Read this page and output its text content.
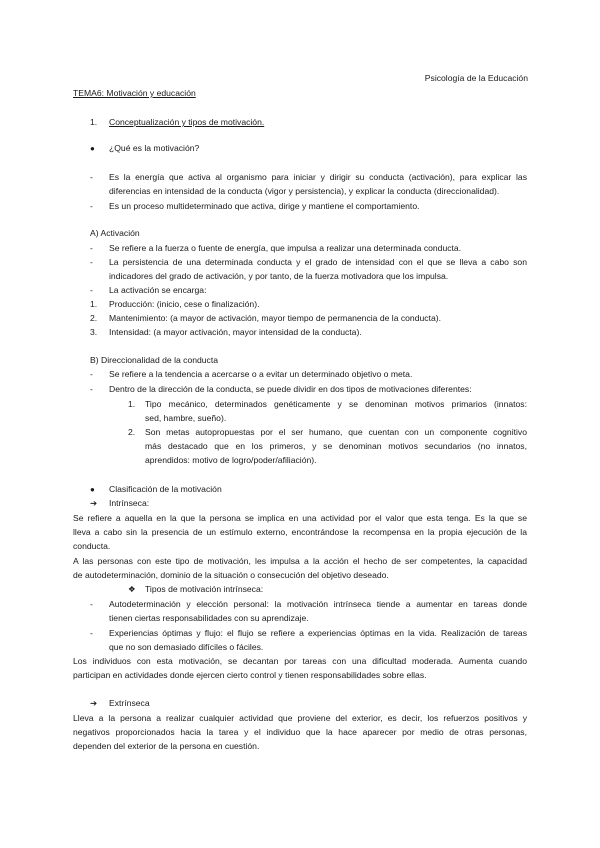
Psicología de la Educación
TEMA6: Motivación y educación
1. Conceptualización y tipos de motivación.
● ¿Qué es la motivación?
- Es la energía que activa al organismo para iniciar y dirigir su conducta (activación), para explicar las
diferencias en intensidad de la conducta (vigor y persistencia), y explicar la conducta (direccionalidad).
- Es un proceso multideterminado que activa, dirige y mantiene el comportamiento.
A) Activación
- Se refiere a la fuerza o fuente de energía, que impulsa a realizar una determinada conducta.
- La persistencia de una determinada conducta y el grado de intensidad con el que se lleva a cabo son
indicadores del grado de activación, y por tanto, de la fuerza motivadora que los impulsa.
- La activación se encarga:
1. Producción: (inicio, cese o finalización).
2. Mantenimiento: (a mayor de activación, mayor tiempo de permanencia de la conducta).
3. Intensidad: (a mayor activación, mayor intensidad de la conducta).
B) Direccionalidad de la conducta
- Se refiere a la tendencia a acercarse o a evitar un determinado objetivo o meta.
- Dentro de la dirección de la conducta, se puede dividir en dos tipos de motivaciones diferentes:
1. Tipo mecánico, determinados genéticamente y se denominan motivos primarios (innatos:
sed, hambre, sueño).
2. Son metas autopropuestas por el ser humano, que cuentan con un componente cognitivo
más destacado que en los primeros, y se denominan motivos secundarios (no innatos,
aprendidos: motivo de logro/poder/afiliación).
● Clasificación de la motivación
➔ Intrínseca:
Se refiere a aquella en la que la persona se implica en una actividad por el valor que esta tenga. Es la que se
lleva a cabo sin la presencia de un estímulo externo, encontrándose la recompensa en la propia ejecución de la
conducta.
A las personas con este tipo de motivación, les impulsa a la acción el hecho de ser competentes, la capacidad
de autodeterminación, dominio de la situación o consecución del objetivo deseado.
❖ Tipos de motivación intrínseca:
- Autodeterminación y elección personal: la motivación intrínseca tiende a aumentar en tareas donde
tienen ciertas responsabilidades con su aprendizaje.
- Experiencias óptimas y flujo: el flujo se refiere a experiencias óptimas en la vida. Realización de tareas
que no son demasiado difíciles o fáciles.
Los individuos con esta motivación, se decantan por tareas con una dificultad moderada. Aumenta cuando
participan en actividades donde ejercen cierto control y tienen responsabilidades sobre ellas.
➔ Extrínseca
Lleva a la persona a realizar cualquier actividad que proviene del exterior, es decir, los refuerzos positivos y
negativos proporcionados hacia la tarea y el individuo que la hace aparecer por medio de otras personas,
dependen del exterior de la persona en cuestión.
